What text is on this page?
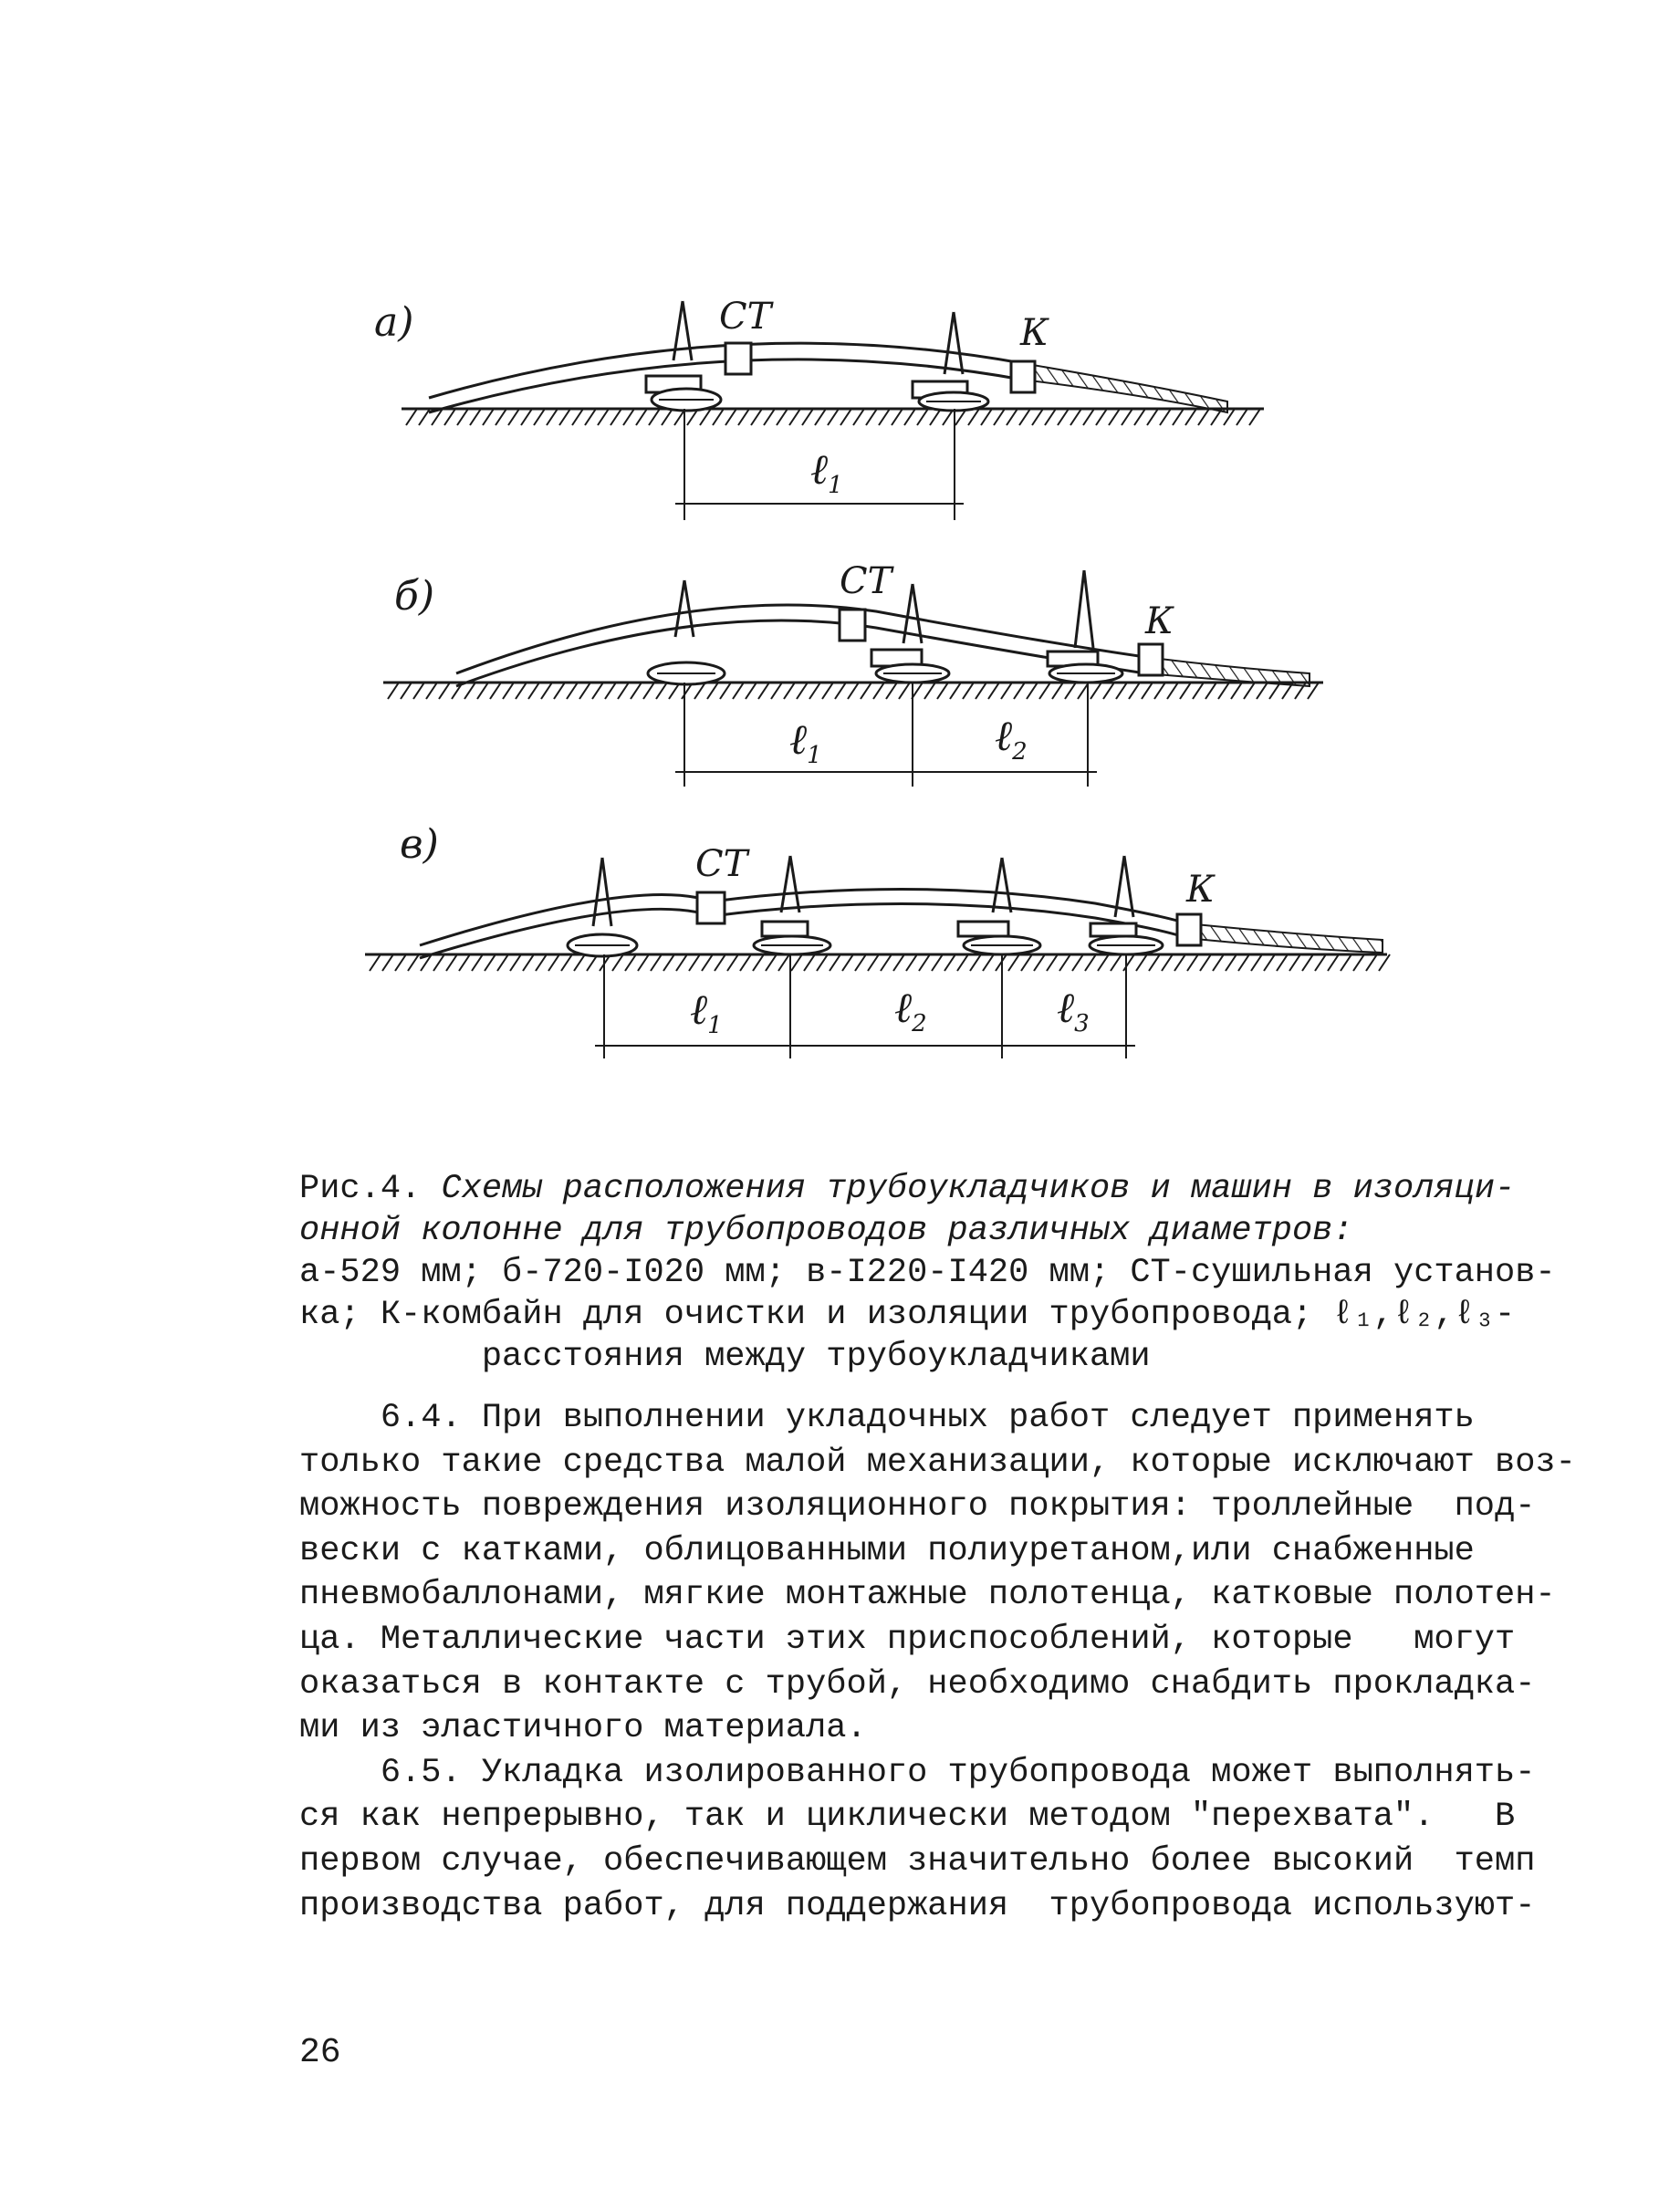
а)	СТ	К
ℓ$_1$
б)	СТ
К
ℓ$_1$	ℓ$_2$
в)	СТ
К
ℓ$_1$	ℓ$_2$	ℓ$_3$
Рис.4. Схемы расположения трубоукладчиков и машин в изоляци-
онной колонне для трубопроводов различных диаметров:
а-529 мм; б-720-I020 мм; в-I220-I420 мм; СТ-сушильная установ-
ка; К-комбайн для очистки и изоляции трубопровода; ℓ₁,ℓ₂,ℓ₃-
расстояния между трубоукладчиками
6.4. При выполнении укладочных работ следует применять
только такие средства малой механизации, которые исключают воз-
можность повреждения изоляционного покрытия: троллейные  под-
вески с катками, облицованными полиуретаном,или снабженные
пневмобаллонами, мягкие монтажные полотенца, катковые полотен-
ца. Металлические части этих приспособлений, которые   могут
оказаться в контакте с трубой, необходимо снабдить прокладка-
ми из эластичного материала.
6.5. Укладка изолированного трубопровода может выполнять-
ся как непрерывно, так и циклически методом "перехвата".   В
первом случае, обеспечивающем значительно более высокий  темп
производства работ, для поддержания  трубопровода используют-
26
